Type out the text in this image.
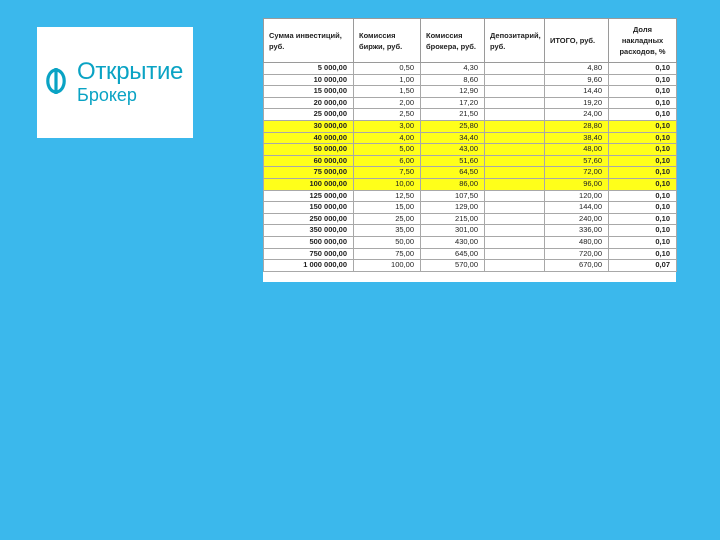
Открытие
Брокер
Сумма инвестиций, руб.	Комиссия биржи, руб.	Комиссия брокера, руб.	Депозитарий, руб.	ИТОГО, руб.	Доля накладных расходов, %
5 000,00	0,50	4,30		4,80	0,10
10 000,00	1,00	8,60		9,60	0,10
15 000,00	1,50	12,90		14,40	0,10
20 000,00	2,00	17,20		19,20	0,10
25 000,00	2,50	21,50		24,00	0,10
30 000,00	3,00	25,80		28,80	0,10
40 000,00	4,00	34,40		38,40	0,10
50 000,00	5,00	43,00		48,00	0,10
60 000,00	6,00	51,60		57,60	0,10
75 000,00	7,50	64,50		72,00	0,10
100 000,00	10,00	86,00		96,00	0,10
125 000,00	12,50	107,50		120,00	0,10
150 000,00	15,00	129,00		144,00	0,10
250 000,00	25,00	215,00		240,00	0,10
350 000,00	35,00	301,00		336,00	0,10
500 000,00	50,00	430,00		480,00	0,10
750 000,00	75,00	645,00		720,00	0,10
1 000 000,00	100,00	570,00		670,00	0,07
